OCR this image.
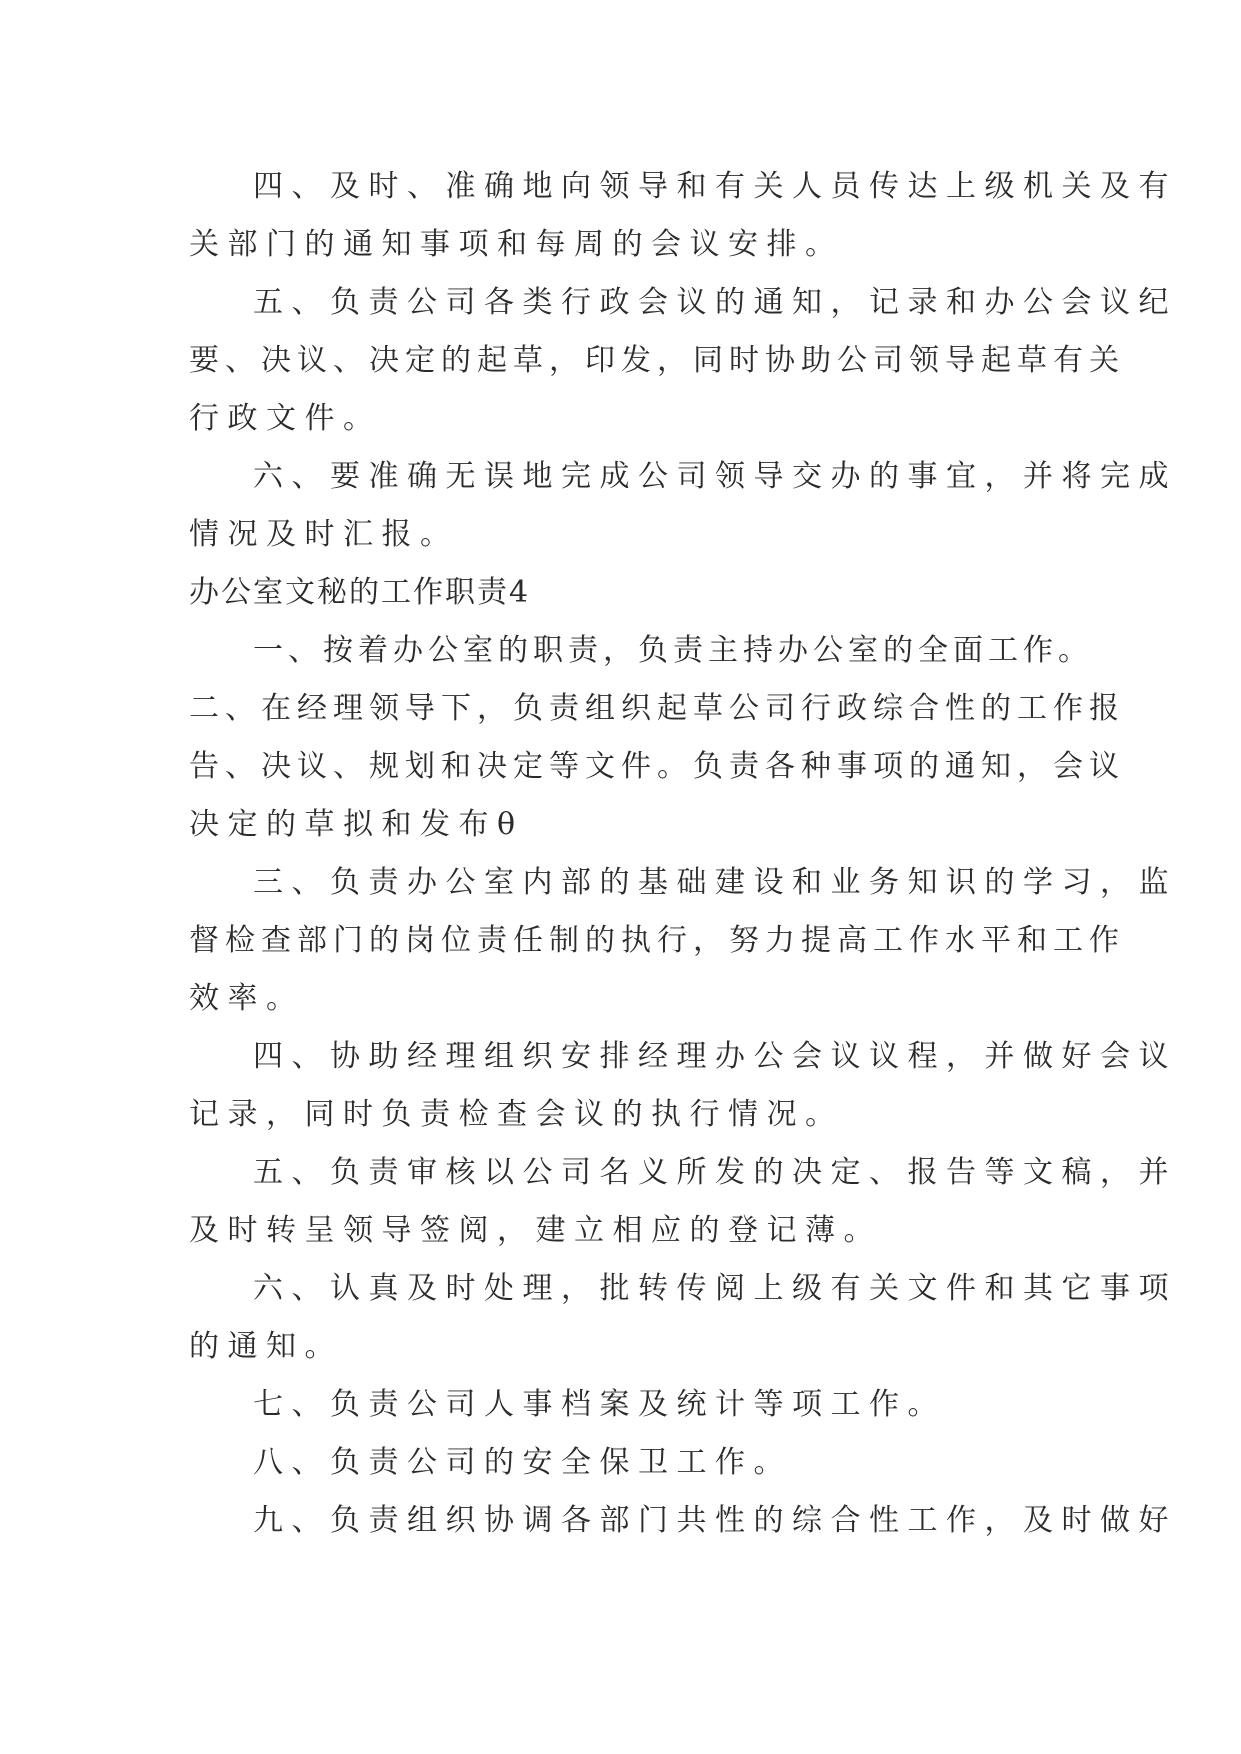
四、及时、准确地向领导和有关人员传达上级机关及有
关部门的通知事项和每周的会议安排。
五、负责公司各类行政会议的通知，记录和办公会议纪
要、决议、决定的起草，印发，同时协助公司领导起草有关
行政文件。
六、要准确无误地完成公司领导交办的事宜，并将完成
情况及时汇报。
办公室文秘的工作职责4
一、按着办公室的职责，负责主持办公室的全面工作。
二、在经理领导下，负责组织起草公司行政综合性的工作报
告、决议、规划和决定等文件。负责各种事项的通知，会议
决定的草拟和发布θ
三、负责办公室内部的基础建设和业务知识的学习，监
督检查部门的岗位责任制的执行，努力提高工作水平和工作
效率。
四、协助经理组织安排经理办公会议议程，并做好会议
记录，同时负责检查会议的执行情况。
五、负责审核以公司名义所发的决定、报告等文稿，并
及时转呈领导签阅，建立相应的登记薄。
六、认真及时处理，批转传阅上级有关文件和其它事项
的通知。
七、负责公司人事档案及统计等项工作。
八、负责公司的安全保卫工作。
九、负责组织协调各部门共性的综合性工作，及时做好
